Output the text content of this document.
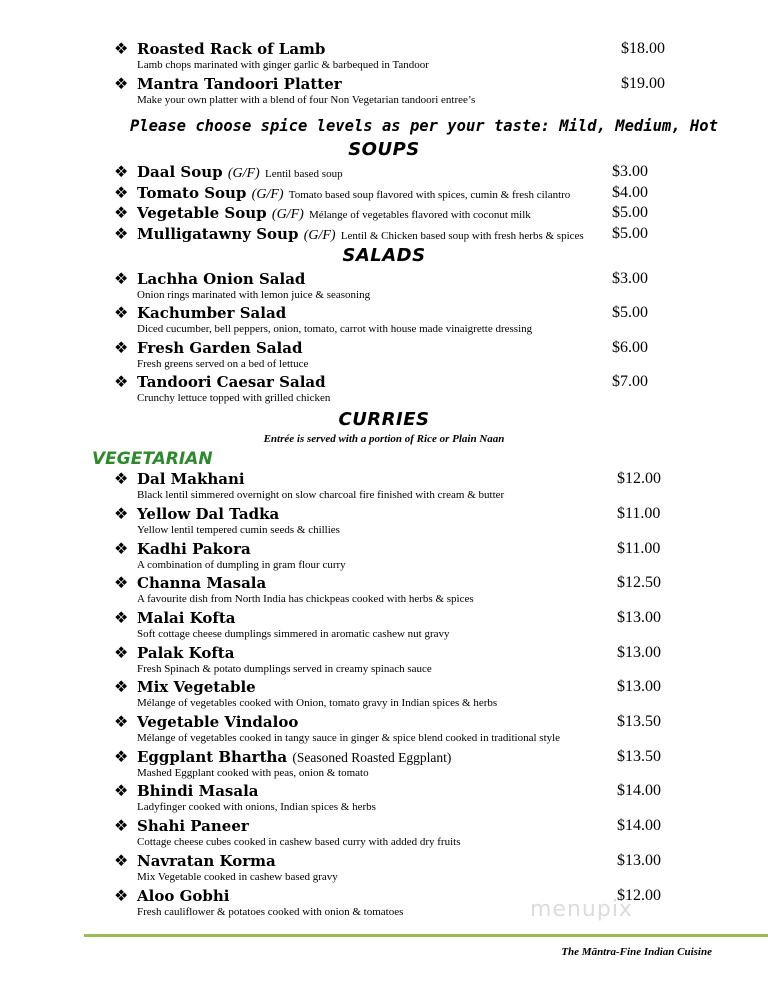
❖ Roasted Rack of Lamb	$18.00
Lamb chops marinated with ginger garlic & barbequed in Tandoor
❖ Mantra Tandoori Platter	$19.00
Make your own platter with a blend of four Non Vegetarian tandoori entree’s
Please choose spice levels as per your taste: Mild, Medium, Hot
SOUPS
❖ Daal Soup (G/F) Lentil based soup	$3.00
❖ Tomato Soup (G/F) Tomato based soup flavored with spices, cumin & fresh cilantro	$4.00
❖ Vegetable Soup (G/F) Mélange of vegetables flavored with coconut milk	$5.00
❖ Mulligatawny Soup (G/F) Lentil & Chicken based soup with fresh herbs & spices $5.00
SALADS
❖ Lachha Onion Salad	$3.00
Onion rings marinated with lemon juice & seasoning
❖ Kachumber Salad	$5.00
Diced cucumber, bell peppers, onion, tomato, carrot with house made vinaigrette dressing
❖ Fresh Garden Salad	$6.00
Fresh greens served on a bed of lettuce
❖ Tandoori Caesar Salad	$7.00
Crunchy lettuce topped with grilled chicken
CURRIES
Entrée is served with a portion of Rice or Plain Naan
VEGETARIAN
❖ Dal Makhani	$12.00
Black lentil simmered overnight on slow charcoal fire finished with cream & butter
❖ Yellow Dal Tadka	$11.00
Yellow lentil tempered cumin seeds & chillies
❖ Kadhi Pakora	$11.00
A combination of dumpling in gram flour curry
❖ Channa Masala	$12.50
A favourite dish from North India has chickpeas cooked with herbs & spices
❖ Malai Kofta	$13.00
Soft cottage cheese dumplings simmered in aromatic cashew nut gravy
❖ Palak Kofta	$13.00
Fresh Spinach & potato dumplings served in creamy spinach sauce
❖ Mix Vegetable	$13.00
Mélange of vegetables cooked with Onion, tomato gravy in Indian spices & herbs
❖ Vegetable Vindaloo	$13.50
Mélange of vegetables cooked in tangy sauce in ginger & spice blend cooked in traditional style
❖ Eggplant Bhartha (Seasoned Roasted Eggplant)	$13.50
Mashed Eggplant cooked with peas, onion & tomato
❖ Bhindi Masala	$14.00
Ladyfinger cooked with onions, Indian spices & herbs
❖ Shahi Paneer	$14.00
Cottage cheese cubes cooked in cashew based curry with added dry fruits
❖ Navratan Korma	$13.00
Mix Vegetable cooked in cashew based gravy
❖ Aloo Gobhi	$12.00
Fresh cauliflower & potatoes cooked with onion & tomatoes	menupix
The Māntra-Fine Indian Cuisine
